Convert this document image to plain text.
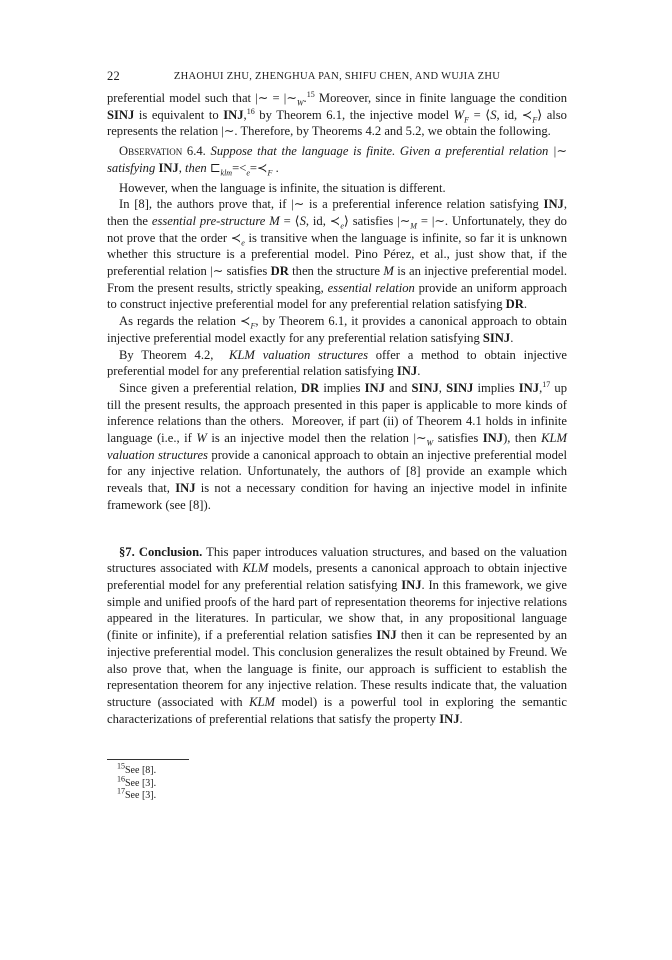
22	ZHAOHUI ZHU, ZHENGHUA PAN, SHIFU CHEN, AND WUJIA ZHU

preferential model such that |∼ = $|\sim_W.^{15}$ Moreover, since in finite language the condition SINJ is equivalent to INJ,$^{16}$ by Theorem 6.1, the injective model $W_F$ = ⟨S, id, $≺_F⟩$ also represents the relation |∼. Therefore, by Theorems 4.2 and 5.2, we obtain the following.

Observation 6.4. Suppose that the language is finite. Given a preferential relation |∼ satisfying INJ, then $⊏_{klm}=<_e=≺_F$ .

However, when the language is infinite, the situation is different.

In [8], the authors prove that, if |∼ is a preferential inference relation satisfying INJ, then the essential pre-structure M = ⟨S, id, $≺_e⟩$ satisfies $|\sim_M$ = |∼. Unfortunately, they do not prove that the order $≺_e$ is transitive when the language is infinite, so far it is unknown whether this structure is a preferential model. Pino Pérez, et al., just show that, if the preferential relation |∼ satisfies DR then the structure M is an injective preferential model. From the present results, strictly speaking, essential relation provide an uniform approach to construct injective preferential model for any preferential relation satisfying DR.

As regards the relation $≺_F$, by Theorem 6.1, it provides a canonical approach to obtain injective preferential model exactly for any preferential relation satisfying SINJ.

By Theorem 4.2,  KLM valuation structures offer a method to obtain injective preferential model for any preferential relation satisfying INJ.

Since given a preferential relation, DR implies INJ and SINJ, SINJ implies INJ,$^{17}$ up till the present results, the approach presented in this paper is applicable to more kinds of inference relations than the others.  Moreover, if part (ii) of Theorem 4.1 holds in infinite language (i.e., if W is an injective model then the relation $|\sim_W$ satisfies INJ), then KLM valuation structures provide a canonical approach to obtain an injective preferential model for any injective relation. Unfortunately, the authors of [8] provide an example which reveals that, INJ is not a necessary condition for having an injective model in infinite framework (see [8]).

§7. Conclusion. This paper introduces valuation structures, and based on the valuation structures associated with KLM models, presents a canonical approach to obtain injective preferential model for any preferential relation satisfying INJ. In this framework, we give simple and unified proofs of the hard part of representation theorems for injective relations appeared in the literatures. In particular, we show that, in any propositional language (finite or infinite), if a preferential relation satisfies INJ then it can be represented by an injective preferential model. This conclusion generalizes the result obtained by Freund. We also prove that, when the language is finite, our approach is sufficient to establish the representation theorem for any injective relation. These results indicate that, the valuation structure (associated with KLM model) is a powerful tool in exploring the semantic characterizations of preferential relations that satisfy the property INJ.

$^{15}$See [8].
$^{16}$See [3].
$^{17}$See [3].
